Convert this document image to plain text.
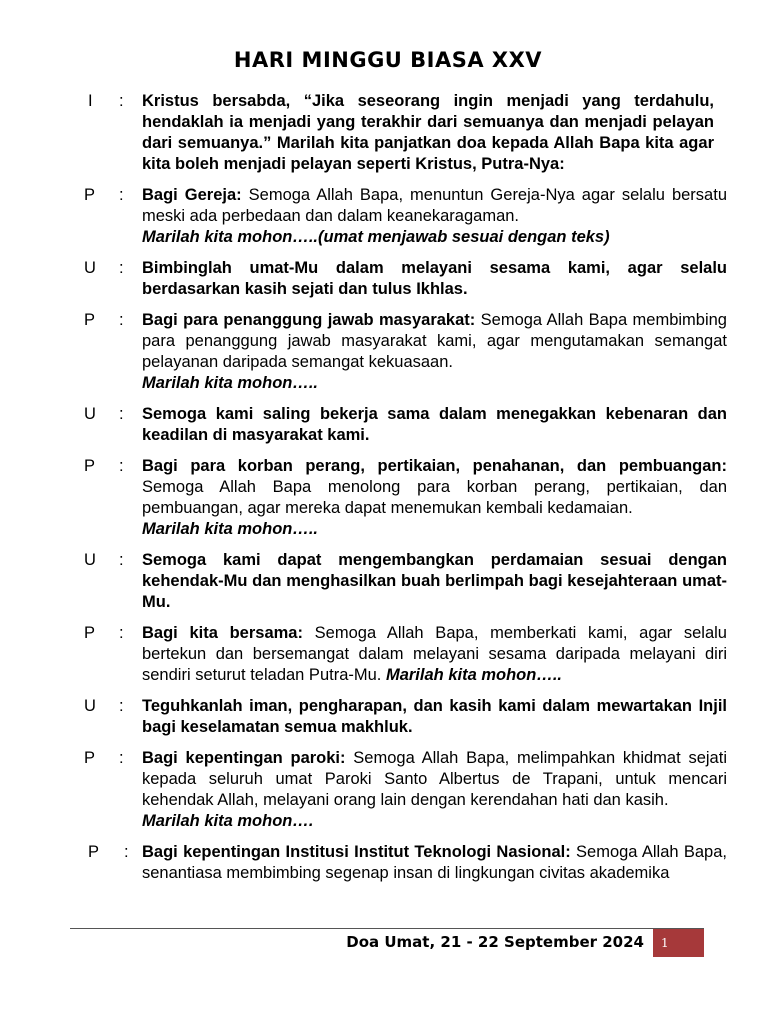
HARI MINGGU BIASA XXV
I : Kristus bersabda, “Jika seseorang ingin menjadi yang terdahulu, hendaklah ia menjadi yang terakhir dari semuanya dan menjadi pelayan dari semuanya.” Marilah kita panjatkan doa kepada Allah Bapa kita agar kita boleh menjadi pelayan seperti Kristus, Putra-Nya:
P : Bagi Gereja: Semoga Allah Bapa, menuntun Gereja-Nya agar selalu bersatu meski ada perbedaan dan dalam keanekaragaman.
Marilah kita mohon…..(umat menjawab sesuai dengan teks)
U : Bimbinglah umat-Mu dalam melayani sesama kami, agar selalu berdasarkan kasih sejati dan tulus Ikhlas.
P : Bagi para penanggung jawab masyarakat: Semoga Allah Bapa membimbing para penanggung jawab masyarakat kami, agar mengutamakan semangat pelayanan daripada semangat kekuasaan.
Marilah kita mohon…..
U : Semoga kami saling bekerja sama dalam menegakkan kebenaran dan keadilan di masyarakat kami.
P : Bagi para korban perang, pertikaian, penahanan, dan pembuangan: Semoga Allah Bapa menolong para korban perang, pertikaian, dan pembuangan, agar mereka dapat menemukan kembali kedamaian.
Marilah kita mohon…..
U : Semoga kami dapat mengembangkan perdamaian sesuai dengan kehendak-Mu dan menghasilkan buah berlimpah bagi kesejahteraan umat-Mu.
P : Bagi kita bersama: Semoga Allah Bapa, memberkati kami, agar selalu bertekun dan bersemangat dalam melayani sesama daripada melayani diri sendiri seturut teladan Putra-Mu. Marilah kita mohon…..
U : Teguhkanlah iman, pengharapan, dan kasih kami dalam mewartakan Injil bagi keselamatan semua makhluk.
P : Bagi kepentingan paroki: Semoga Allah Bapa, melimpahkan khidmat sejati kepada seluruh umat Paroki Santo Albertus de Trapani, untuk mencari kehendak Allah, melayani orang lain dengan kerendahan hati dan kasih.
Marilah kita mohon….
P : Bagi kepentingan Institusi Institut Teknologi Nasional: Semoga Allah Bapa, senantiasa membimbing segenap insan di lingkungan civitas akademika
Doa Umat, 21 - 22 September 2024	1
